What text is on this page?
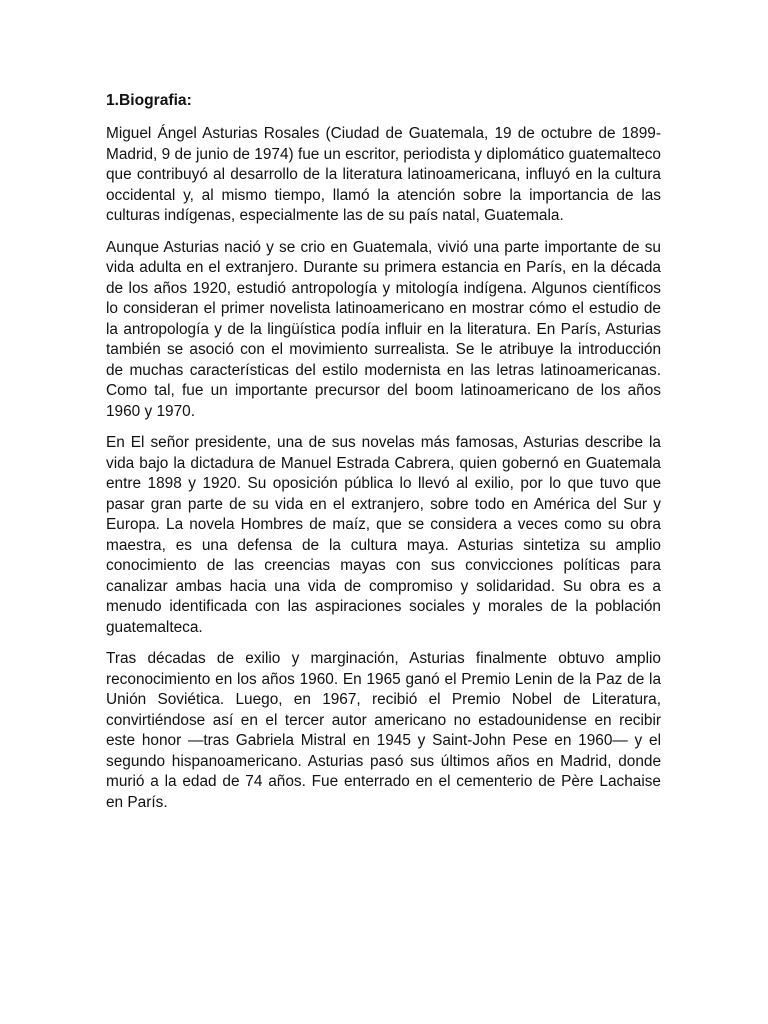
1.Biografia:

Miguel Ángel Asturias Rosales (Ciudad de Guatemala, 19 de octubre de 1899-Madrid, 9 de junio de 1974) fue un escritor, periodista y diplomático guatemalteco que contribuyó al desarrollo de la literatura latinoamericana, influyó en la cultura occidental y, al mismo tiempo, llamó la atención sobre la importancia de las culturas indígenas, especialmente las de su país natal, Guatemala.

Aunque Asturias nació y se crio en Guatemala, vivió una parte importante de su vida adulta en el extranjero. Durante su primera estancia en París, en la década de los años 1920, estudió antropología y mitología indígena. Algunos científicos lo consideran el primer novelista latinoamericano en mostrar cómo el estudio de la antropología y de la lingüística podía influir en la literatura. En París, Asturias también se asoció con el movimiento surrealista. Se le atribuye la introducción de muchas características del estilo modernista en las letras latinoamericanas. Como tal, fue un importante precursor del boom latinoamericano de los años 1960 y 1970.

En El señor presidente, una de sus novelas más famosas, Asturias describe la vida bajo la dictadura de Manuel Estrada Cabrera, quien gobernó en Guatemala entre 1898 y 1920. Su oposición pública lo llevó al exilio, por lo que tuvo que pasar gran parte de su vida en el extranjero, sobre todo en América del Sur y Europa. La novela Hombres de maíz, que se considera a veces como su obra maestra, es una defensa de la cultura maya. Asturias sintetiza su amplio conocimiento de las creencias mayas con sus convicciones políticas para canalizar ambas hacia una vida de compromiso y solidaridad. Su obra es a menudo identificada con las aspiraciones sociales y morales de la población guatemalteca.

Tras décadas de exilio y marginación, Asturias finalmente obtuvo amplio reconocimiento en los años 1960. En 1965 ganó el Premio Lenin de la Paz de la Unión Soviética. Luego, en 1967, recibió el Premio Nobel de Literatura, convirtiéndose así en el tercer autor americano no estadounidense en recibir este honor —tras Gabriela Mistral en 1945 y Saint-John Pese en 1960— y el segundo hispanoamericano. Asturias pasó sus últimos años en Madrid, donde murió a la edad de 74 años. Fue enterrado en el cementerio de Père Lachaise en París.
